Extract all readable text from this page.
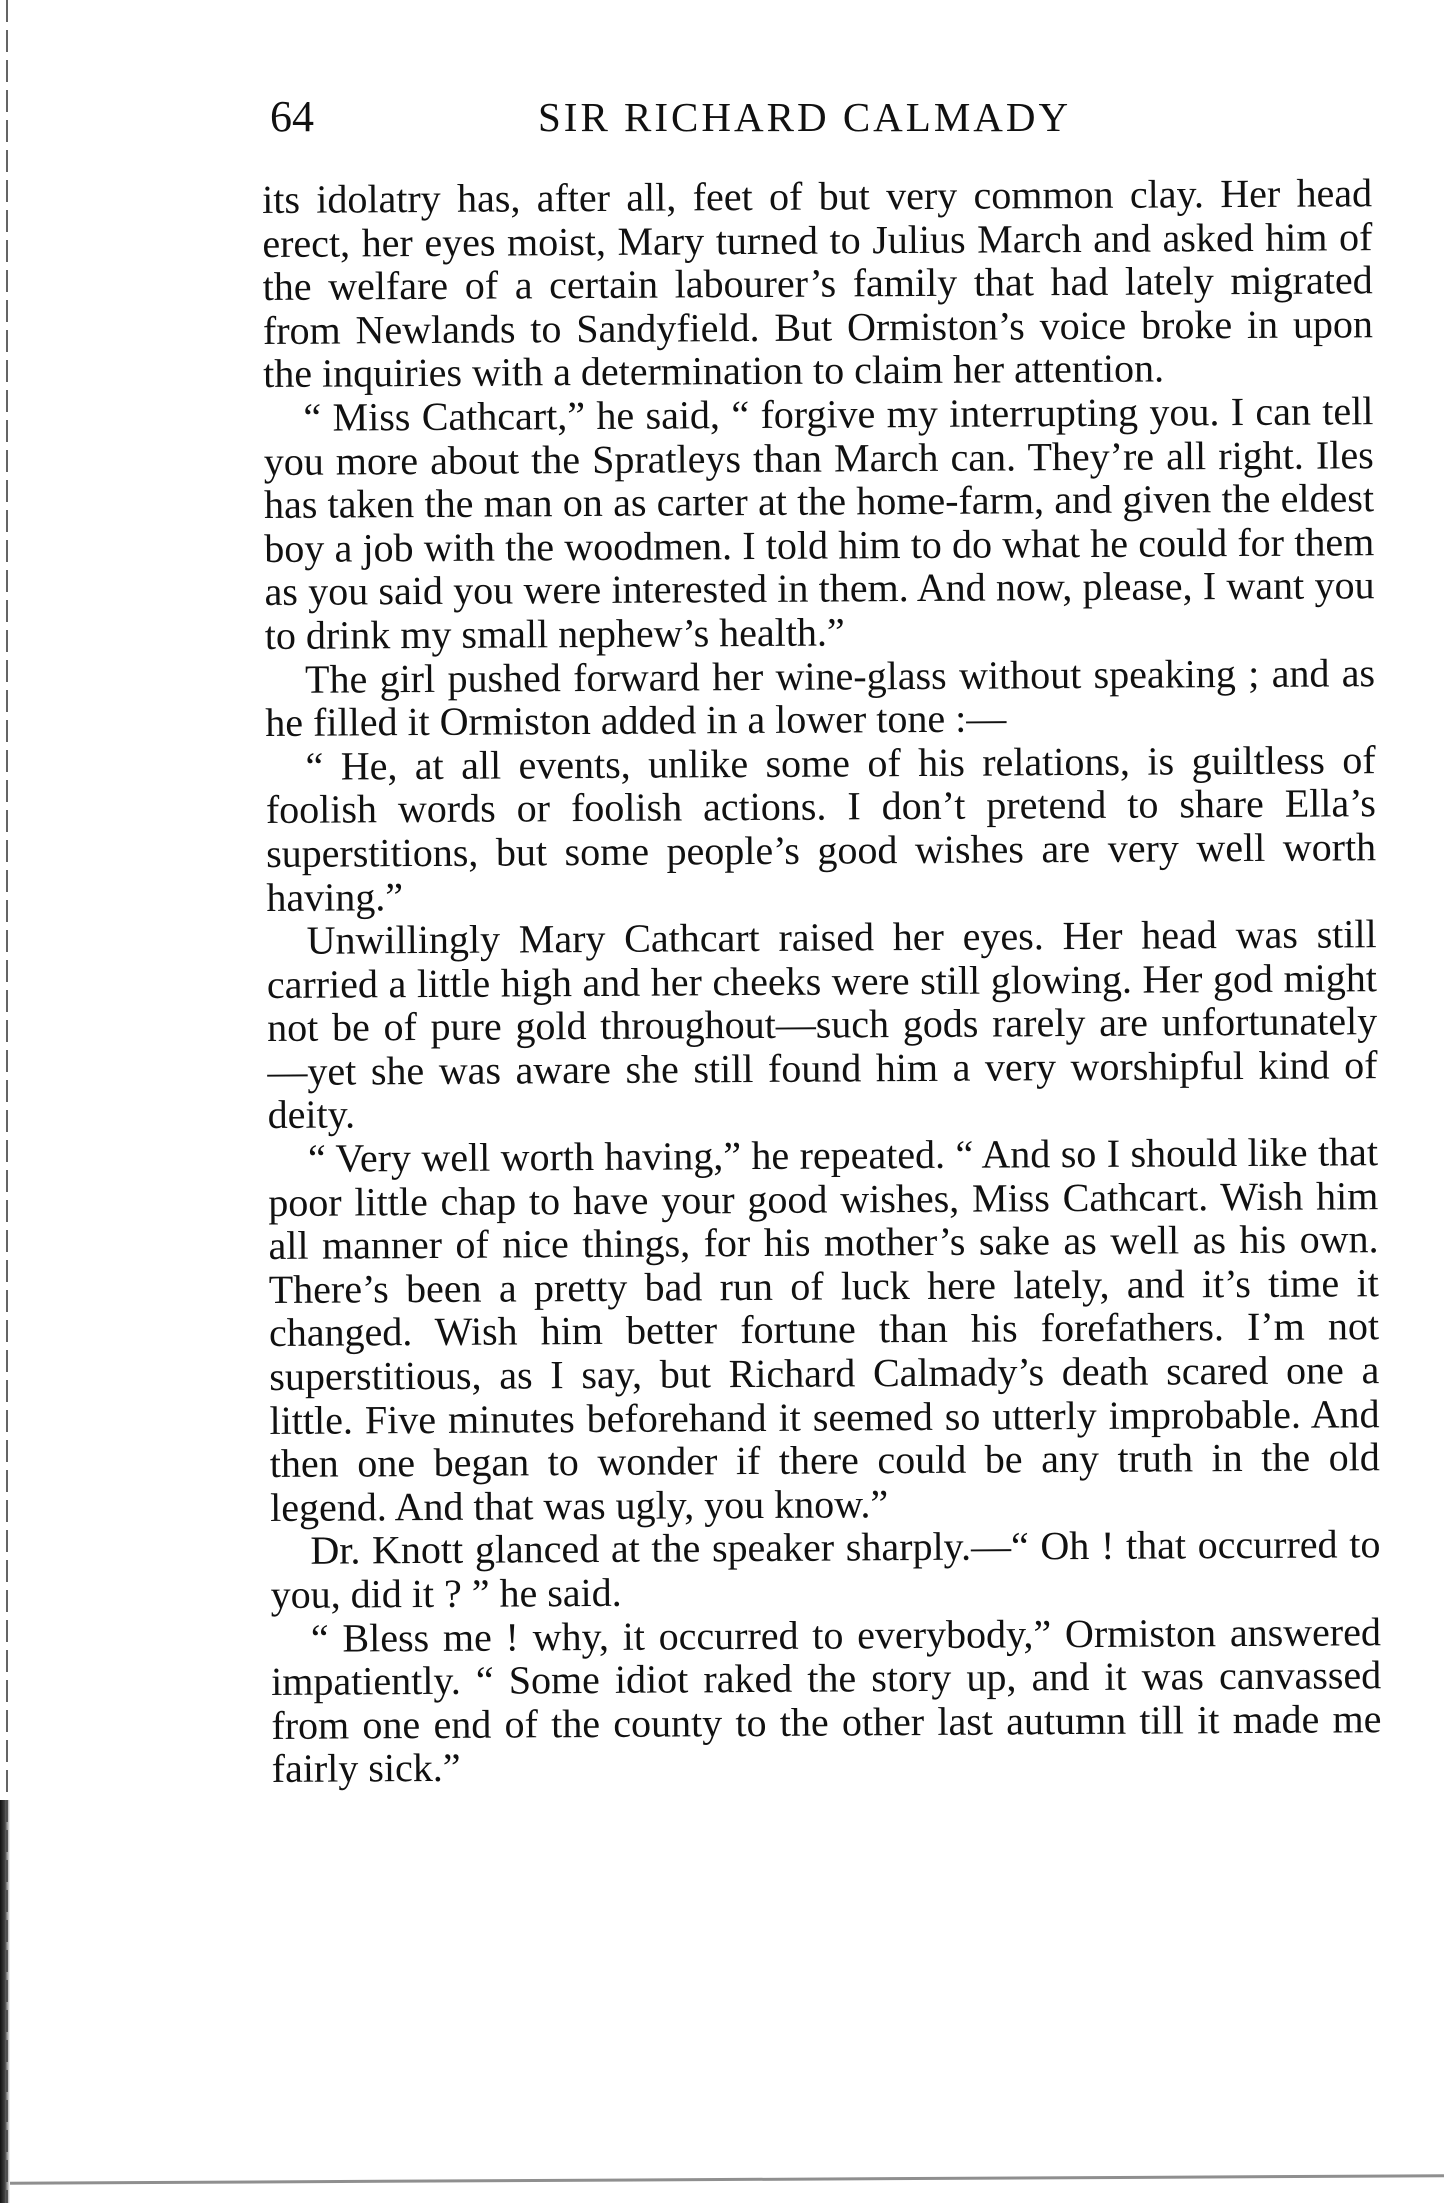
64	SIR RICHARD CALMADY

its idolatry has, after all, feet of but very common clay. Her head erect, her eyes moist, Mary turned to Julius March and asked him of the welfare of a certain labourer’s family that had lately migrated from Newlands to Sandyfield. But Ormiston’s voice broke in upon the inquiries with a determination to claim her attention.

“ Miss Cathcart,” he said, “ forgive my interrupting you. I can tell you more about the Spratleys than March can. They’re all right. Iles has taken the man on as carter at the home-farm, and given the eldest boy a job with the woodmen. I told him to do what he could for them as you said you were interested in them. And now, please, I want you to drink my small nephew’s health.”

The girl pushed forward her wine-glass without speaking ; and as he filled it Ormiston added in a lower tone :—

“ He, at all events, unlike some of his relations, is guiltless of foolish words or foolish actions. I don’t pretend to share Ella’s superstitions, but some people’s good wishes are very well worth having.”

Unwillingly Mary Cathcart raised her eyes. Her head was still carried a little high and her cheeks were still glowing. Her god might not be of pure gold throughout—such gods rarely are unfortunately—yet she was aware she still found him a very worshipful kind of deity.

“ Very well worth having,” he repeated. “ And so I should like that poor little chap to have your good wishes, Miss Cathcart. Wish him all manner of nice things, for his mother’s sake as well as his own. There’s been a pretty bad run of luck here lately, and it’s time it changed. Wish him better fortune than his forefathers. I’m not superstitious, as I say, but Richard Calmady’s death scared one a little. Five minutes beforehand it seemed so utterly improbable. And then one began to wonder if there could be any truth in the old legend. And that was ugly, you know.”

Dr. Knott glanced at the speaker sharply.—“ Oh ! that occurred to you, did it ? ” he said.

“ Bless me ! why, it occurred to everybody,” Ormiston answered impatiently. “ Some idiot raked the story up, and it was canvassed from one end of the county to the other last autumn till it made me fairly sick.”
